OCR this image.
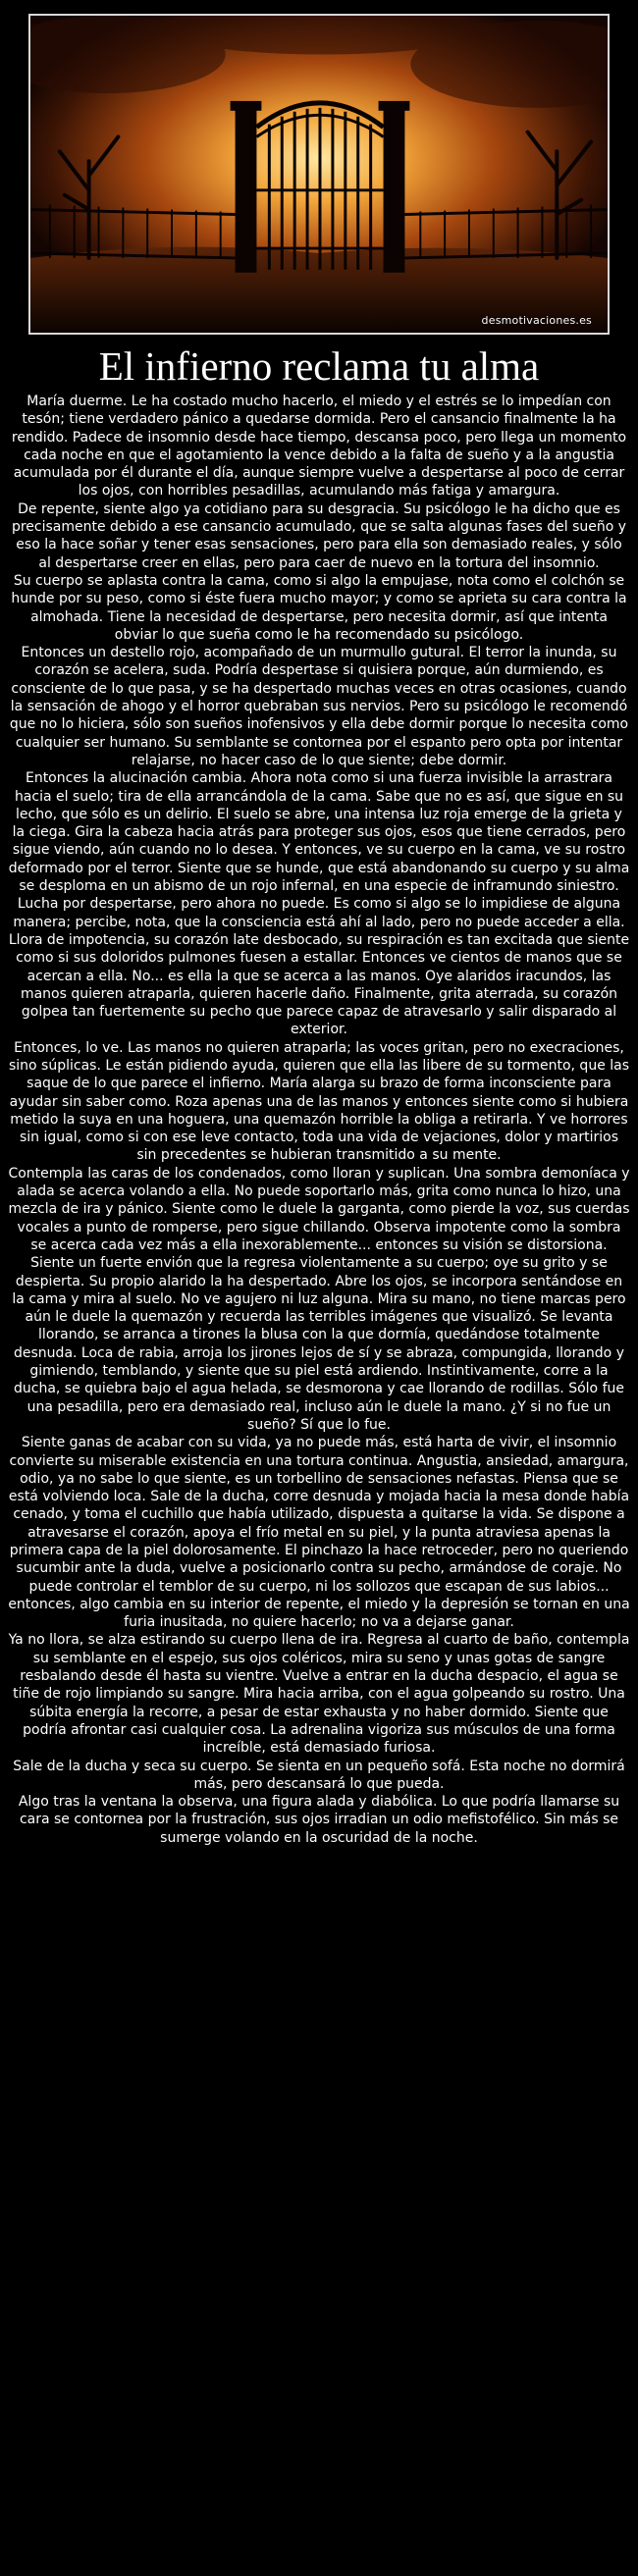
desmotivaciones.es
El infierno reclama tu alma

María duerme. Le ha costado mucho hacerlo, el miedo y el estrés se lo impedían con tesón; tiene verdadero pánico a quedarse dormida. Pero el cansancio finalmente la ha rendido. Padece de insomnio desde hace tiempo, descansa poco, pero llega un momento cada noche en que el agotamiento la vence debido a la falta de sueño y a la angustia acumulada por él durante el día, aunque siempre vuelve a despertarse al poco de cerrar los ojos, con horribles pesadillas, acumulando más fatiga y amargura.

De repente, siente algo ya cotidiano para su desgracia. Su psicólogo le ha dicho que es precisamente debido a ese cansancio acumulado, que se salta algunas fases del sueño y eso la hace soñar y tener esas sensaciones, pero para ella son demasiado reales, y sólo al despertarse creer en ellas, pero para caer de nuevo en la tortura del insomnio.

Su cuerpo se aplasta contra la cama, como si algo la empujase, nota como el colchón se hunde por su peso, como si éste fuera mucho mayor; y como se aprieta su cara contra la almohada. Tiene la necesidad de despertarse, pero necesita dormir, así que intenta obviar lo que sueña como le ha recomendado su psicólogo.

Entonces un destello rojo, acompañado de un murmullo gutural. El terror la inunda, su corazón se acelera, suda. Podría despertase si quisiera porque, aún durmiendo, es consciente de lo que pasa, y se ha despertado muchas veces en otras ocasiones, cuando la sensación de ahogo y el horror quebraban sus nervios. Pero su psicólogo le recomendó que no lo hiciera, sólo son sueños inofensivos y ella debe dormir porque lo necesita como cualquier ser humano. Su semblante se contornea por el espanto pero opta por intentar relajarse, no hacer caso de lo que siente; debe dormir.

Entonces la alucinación cambia. Ahora nota como si una fuerza invisible la arrastrara hacia el suelo; tira de ella arrancándola de la cama. Sabe que no es así, que sigue en su lecho, que sólo es un delirio. El suelo se abre, una intensa luz roja emerge de la grieta y la ciega. Gira la cabeza hacia atrás para proteger sus ojos, esos que tiene cerrados, pero sigue viendo, aún cuando no lo desea. Y entonces, ve su cuerpo en la cama, ve su rostro deformado por el terror. Siente que se hunde, que está abandonando su cuerpo y su alma se desploma en un abismo de un rojo infernal, en una especie de inframundo siniestro.

Lucha por despertarse, pero ahora no puede. Es como si algo se lo impidiese de alguna manera; percibe, nota, que la consciencia está ahí al lado, pero no puede acceder a ella. Llora de impotencia, su corazón late desbocado, su respiración es tan excitada que siente como si sus doloridos pulmones fuesen a estallar. Entonces ve cientos de manos que se acercan a ella. No... es ella la que se acerca a las manos. Oye alaridos iracundos, las manos quieren atraparla, quieren hacerle daño. Finalmente, grita aterrada, su corazón golpea tan fuertemente su pecho que parece capaz de atravesarlo y salir disparado al exterior.

Entonces, lo ve. Las manos no quieren atraparla; las voces gritan, pero no execraciones, sino súplicas. Le están pidiendo ayuda, quieren que ella las libere de su tormento, que las saque de lo que parece el infierno. María alarga su brazo de forma inconsciente para ayudar sin saber como. Roza apenas una de las manos y entonces siente como si hubiera metido la suya en una hoguera, una quemazón horrible la obliga a retirarla. Y ve horrores sin igual, como si con ese leve contacto, toda una vida de vejaciones, dolor y martirios sin precedentes se hubieran transmitido a su mente.

Contempla las caras de los condenados, como lloran y suplican. Una sombra demoníaca y alada se acerca volando a ella. No puede soportarlo más, grita como nunca lo hizo, una mezcla de ira y pánico. Siente como le duele la garganta, como pierde la voz, sus cuerdas vocales a punto de romperse, pero sigue chillando. Observa impotente como la sombra se acerca cada vez más a ella inexorablemente... entonces su visión se distorsiona.

Siente un fuerte envión que la regresa violentamente a su cuerpo; oye su grito y se despierta. Su propio alarido la ha despertado. Abre los ojos, se incorpora sentándose en la cama y mira al suelo. No ve agujero ni luz alguna. Mira su mano, no tiene marcas pero aún le duele la quemazón y recuerda las terribles imágenes que visualizó. Se levanta llorando, se arranca a tirones la blusa con la que dormía, quedándose totalmente desnuda. Loca de rabia, arroja los jirones lejos de sí y se abraza, compungida, llorando y gimiendo, temblando, y siente que su piel está ardiendo. Instintivamente, corre a la ducha, se quiebra bajo el agua helada, se desmorona y cae llorando de rodillas. Sólo fue una pesadilla, pero era demasiado real, incluso aún le duele la mano. ¿Y si no fue un sueño? Sí que lo fue.

Siente ganas de acabar con su vida, ya no puede más, está harta de vivir, el insomnio convierte su miserable existencia en una tortura continua. Angustia, ansiedad, amargura, odio, ya no sabe lo que siente, es un torbellino de sensaciones nefastas. Piensa que se está volviendo loca. Sale de la ducha, corre desnuda y mojada hacia la mesa donde había cenado, y toma el cuchillo que había utilizado, dispuesta a quitarse la vida. Se dispone a atravesarse el corazón, apoya el frío metal en su piel, y la punta atraviesa apenas la primera capa de la piel dolorosamente. El pinchazo la hace retroceder, pero no queriendo sucumbir ante la duda, vuelve a posicionarlo contra su pecho, armándose de coraje. No puede controlar el temblor de su cuerpo, ni los sollozos que escapan de sus labios... entonces, algo cambia en su interior de repente, el miedo y la depresión se tornan en una furia inusitada, no quiere hacerlo; no va a dejarse ganar.

Ya no llora, se alza estirando su cuerpo llena de ira. Regresa al cuarto de baño, contempla su semblante en el espejo, sus ojos coléricos, mira su seno y unas gotas de sangre resbalando desde él hasta su vientre. Vuelve a entrar en la ducha despacio, el agua se tiñe de rojo limpiando su sangre. Mira hacia arriba, con el agua golpeando su rostro. Una súbita energía la recorre, a pesar de estar exhausta y no haber dormido. Siente que podría afrontar casi cualquier cosa. La adrenalina vigoriza sus músculos de una forma increíble, está demasiado furiosa.

Sale de la ducha y seca su cuerpo. Se sienta en un pequeño sofá. Esta noche no dormirá más, pero descansará lo que pueda.

Algo tras la ventana la observa, una figura alada y diabólica. Lo que podría llamarse su cara se contornea por la frustración, sus ojos irradian un odio mefistofélico. Sin más se sumerge volando en la oscuridad de la noche.
